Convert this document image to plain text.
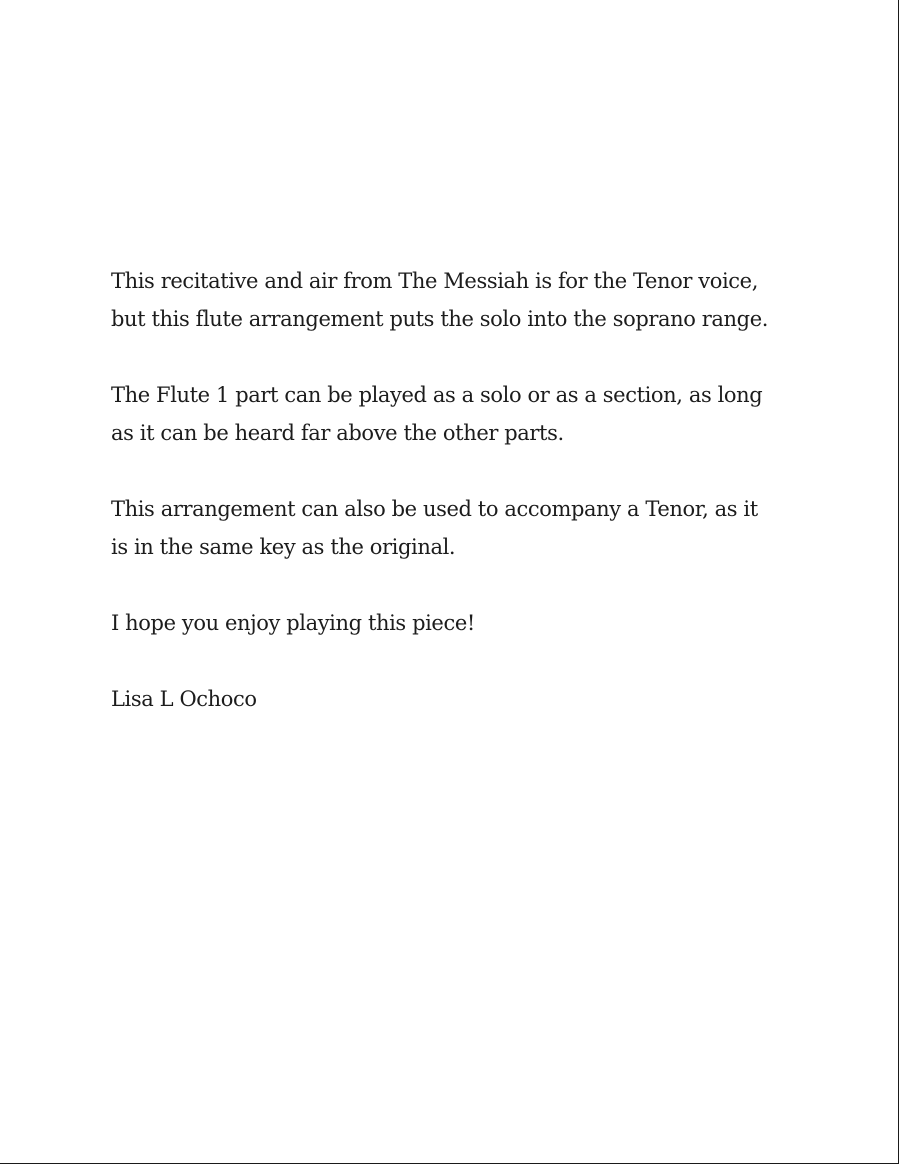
This recitative and air from The Messiah is for the Tenor voice,
but this flute arrangement puts the solo into the soprano range.

The Flute 1 part can be played as a solo or as a section, as long
as it can be heard far above the other parts.

This arrangement can also be used to accompany a Tenor, as it
is in the same key as the original.

I hope you enjoy playing this piece!

Lisa L Ochoco
